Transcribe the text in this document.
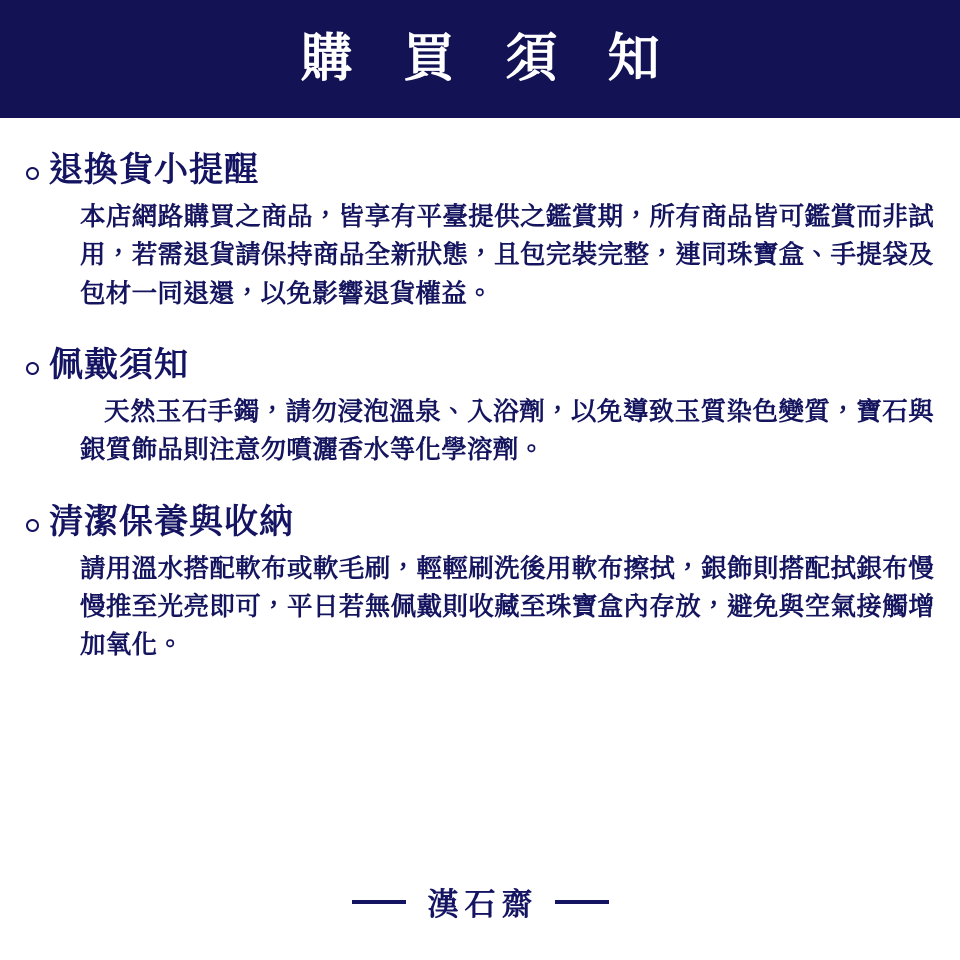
購 買 須 知
退換貨小提醒

本店網路購買之商品，皆享有平臺提供之鑑賞期，所有商品皆可鑑賞而非試用，若需退貨請保持商品全新狀態，且包完裝完整，連同珠寶盒、手提袋及包材一同退還，以免影響退貨權益。

佩戴須知

天然玉石手鐲，請勿浸泡溫泉、入浴劑，以免導致玉質染色變質，寶石與銀質飾品則注意勿噴灑香水等化學溶劑。

清潔保養與收納

請用溫水搭配軟布或軟毛刷，輕輕刷洗後用軟布擦拭，銀飾則搭配拭銀布慢慢推至光亮即可，平日若無佩戴則收藏至珠寶盒內存放，避免與空氣接觸增加氧化。

漢石齋
